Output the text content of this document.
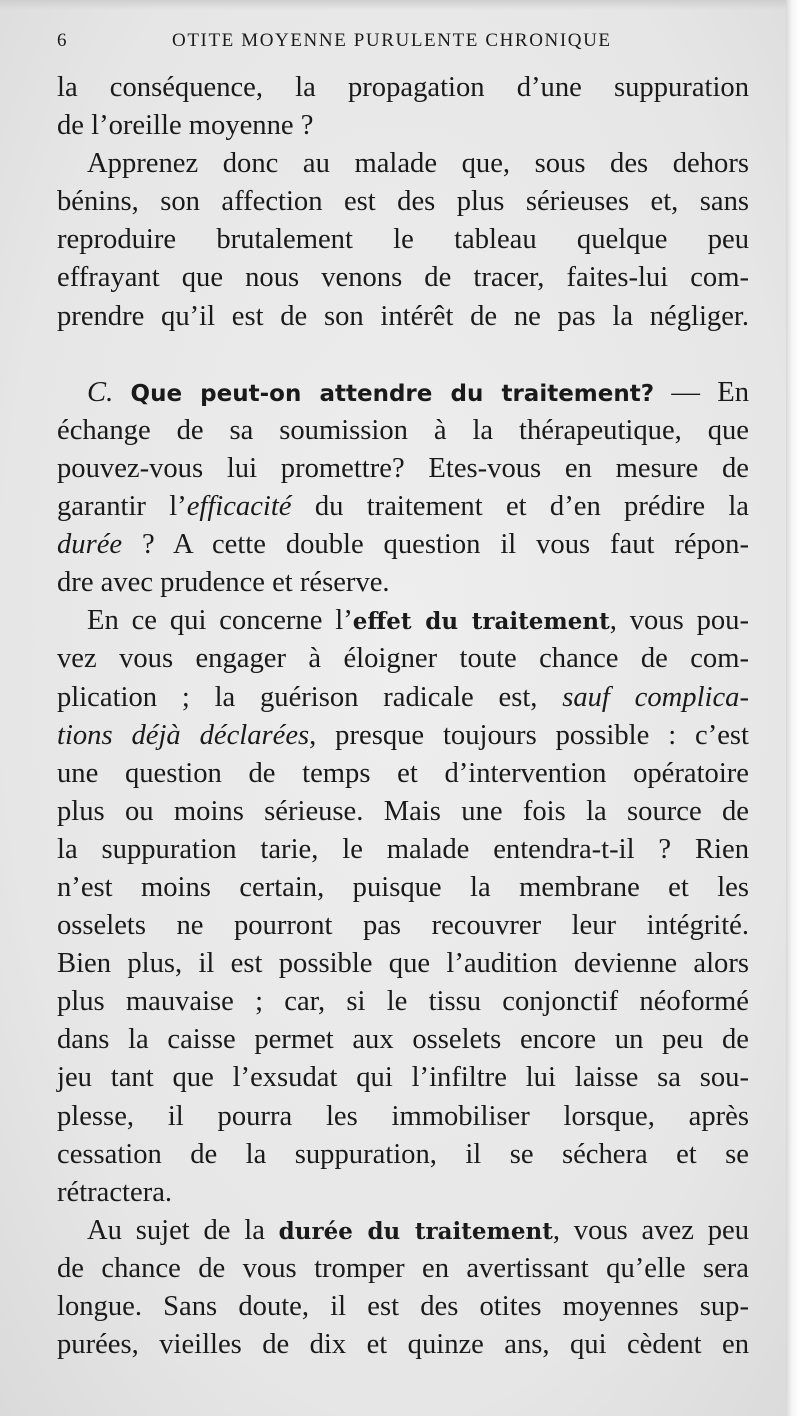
6	OTITE MOYENNE PURULENTE CHRONIQUE
la conséquence, la propagation d’une suppuration
de l’oreille moyenne ?
Apprenez donc au malade que, sous des dehors
bénins, son affection est des plus sérieuses et, sans
reproduire brutalement le tableau quelque peu
effrayant que nous venons de tracer, faites-lui com-
prendre qu’il est de son intérêt de ne pas la négliger.
C. Que peut-on attendre du traitement? — En
échange de sa soumission à la thérapeutique, que
pouvez-vous lui promettre? Etes-vous en mesure de
garantir l’efficacité du traitement et d’en prédire la
durée ? A cette double question il vous faut répon-
dre avec prudence et réserve.
En ce qui concerne l’effet du traitement, vous pou-
vez vous engager à éloigner toute chance de com-
plication ; la guérison radicale est, sauf complica-
tions déjà déclarées, presque toujours possible : c’est
une question de temps et d’intervention opératoire
plus ou moins sérieuse. Mais une fois la source de
la suppuration tarie, le malade entendra-t-il ? Rien
n’est moins certain, puisque la membrane et les
osselets ne pourront pas recouvrer leur intégrité.
Bien plus, il est possible que l’audition devienne alors
plus mauvaise ; car, si le tissu conjonctif néoformé
dans la caisse permet aux osselets encore un peu de
jeu tant que l’exsudat qui l’infiltre lui laisse sa sou-
plesse, il pourra les immobiliser lorsque, après
cessation de la suppuration, il se séchera et se
rétractera.
Au sujet de la durée du traitement, vous avez peu
de chance de vous tromper en avertissant qu’elle sera
longue. Sans doute, il est des otites moyennes sup-
purées, vieilles de dix et quinze ans, qui cèdent en
